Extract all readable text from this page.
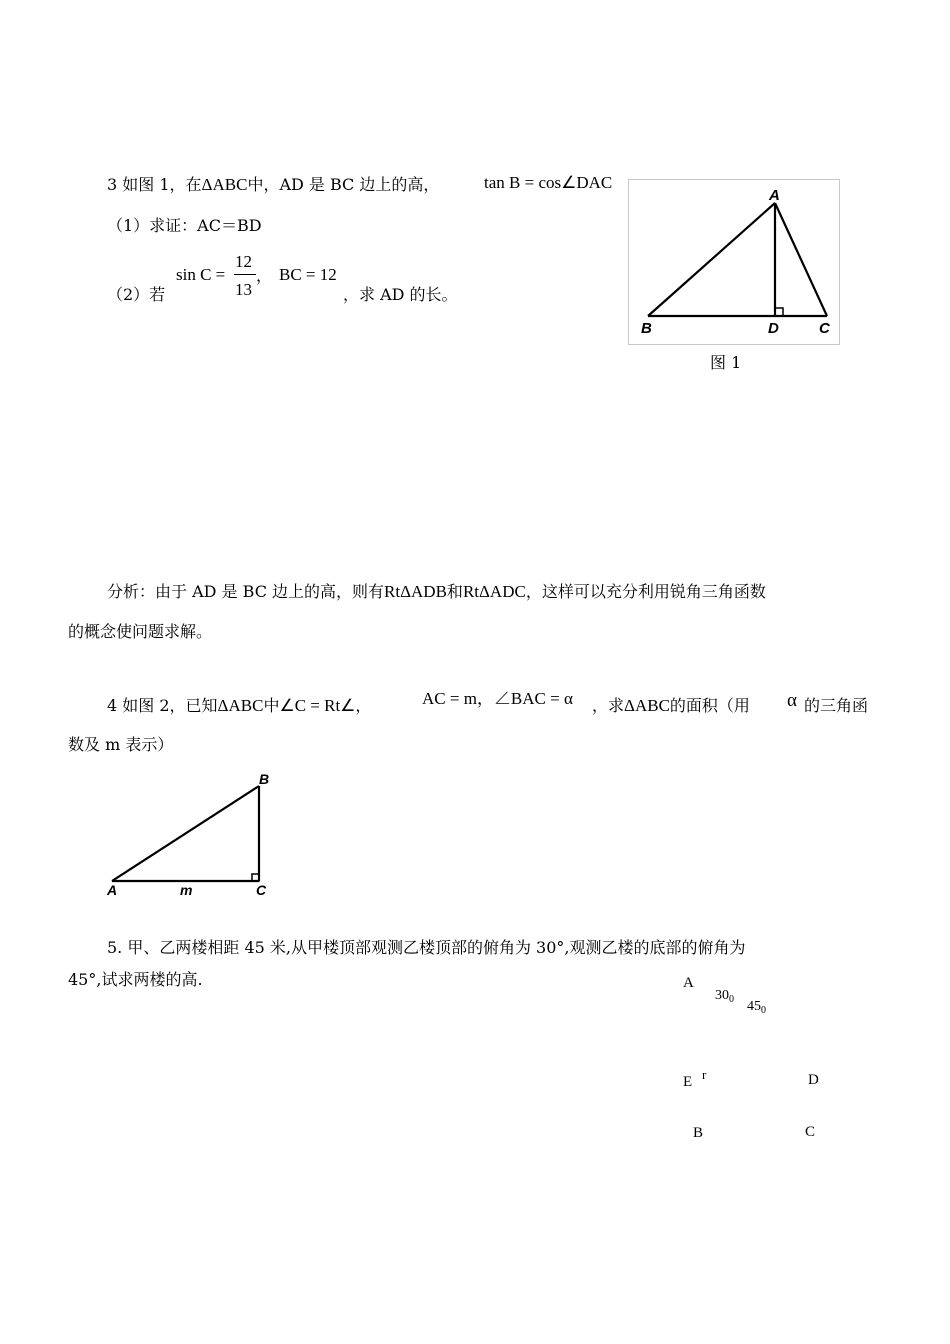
3 如图 1，在ΔABC中，AD 是 BC 边上的高，	tan B = cos∠DAC
（1）求证：AC＝BD
（2）若
sin C =
12
13
， BC = 12
，求 AD 的长。
A
B	D	C
图 1
分析：由于 AD 是 BC 边上的高，则有RtΔADB和RtΔADC，这样可以充分利用锐角三角函数
的概念使问题求解。
4 如图 2，已知ΔABC中∠C = Rt∠，	AC = m，∠BAC = α ，求ΔABC的面积（用 α 的三角函
数及 m 表示）
B
A	m	C
5. 甲、乙两楼相距 45 米,从甲楼顶部观测乙楼顶部的俯角为 30°,观测乙楼的底部的俯角为
45°,试求两楼的高.	A
$30_0$ $45_0$
E r	D
B	C
